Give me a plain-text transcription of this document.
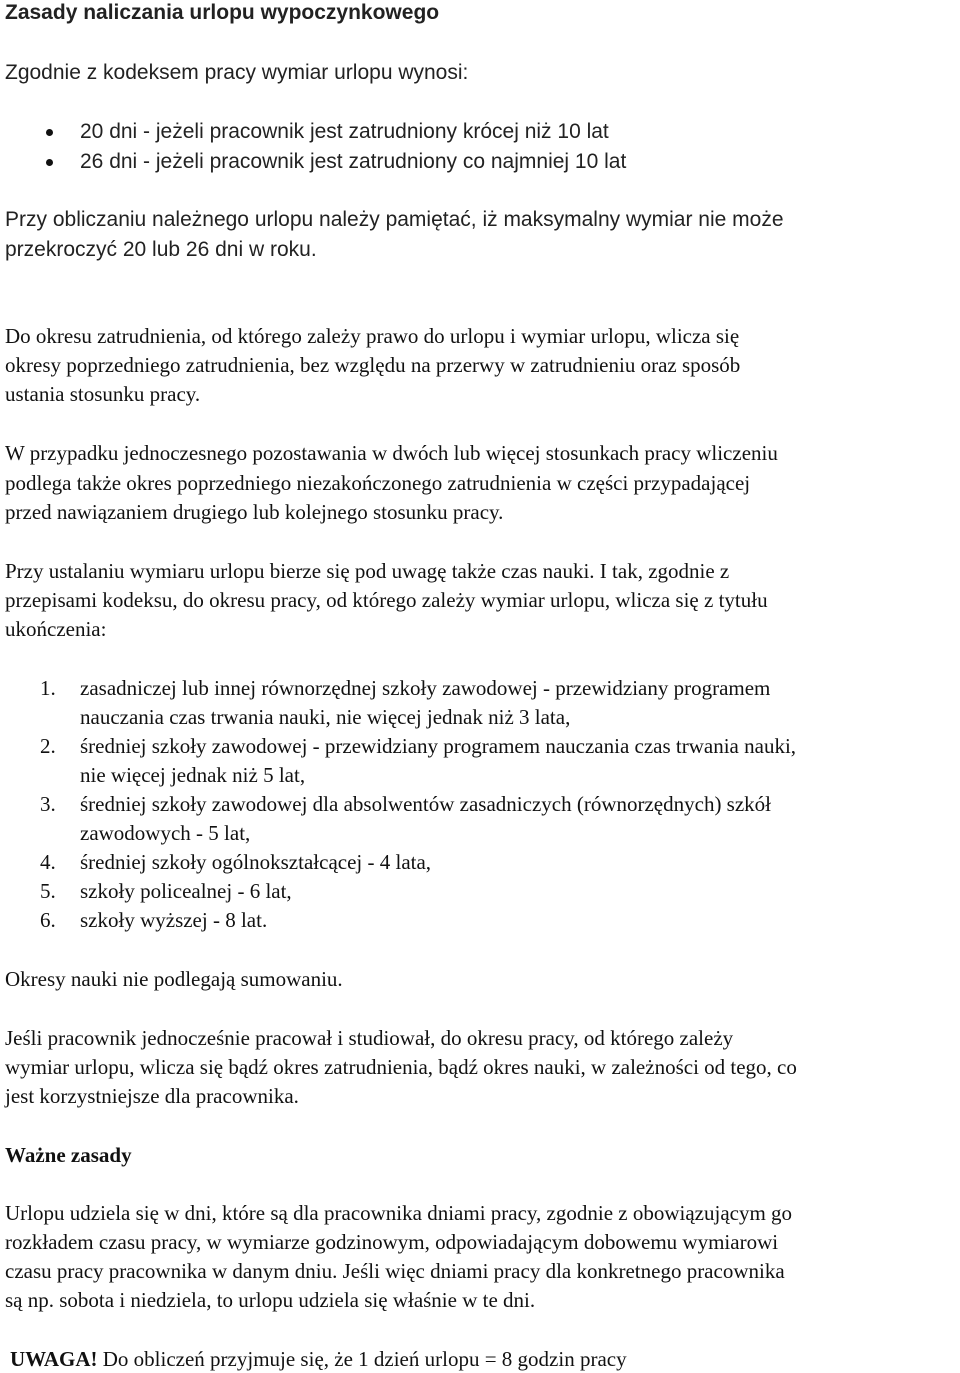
Zasady naliczania urlopu wypoczynkowego
Zgodnie z kodeksem pracy wymiar urlopu wynosi:
20 dni - jeżeli pracownik jest zatrudniony krócej niż 10 lat
26 dni - jeżeli pracownik jest zatrudniony co najmniej 10 lat
Przy obliczaniu należnego urlopu należy pamiętać, iż maksymalny wymiar nie może
przekroczyć 20 lub 26 dni w roku.
Do okresu zatrudnienia, od którego zależy prawo do urlopu i wymiar urlopu, wlicza się
okresy poprzedniego zatrudnienia, bez względu na przerwy w zatrudnieniu oraz sposób
ustania stosunku pracy.
W przypadku jednoczesnego pozostawania w dwóch lub więcej stosunkach pracy wliczeniu
podlega także okres poprzedniego niezakończonego zatrudnienia w części przypadającej
przed nawiązaniem drugiego lub kolejnego stosunku pracy.
Przy ustalaniu wymiaru urlopu bierze się pod uwagę także czas nauki. I tak, zgodnie z
przepisami kodeksu, do okresu pracy, od którego zależy wymiar urlopu, wlicza się z tytułu
ukończenia:
1. zasadniczej lub innej równorzędnej szkoły zawodowej - przewidziany programem
nauczania czas trwania nauki, nie więcej jednak niż 3 lata,
2. średniej szkoły zawodowej - przewidziany programem nauczania czas trwania nauki,
nie więcej jednak niż 5 lat,
3. średniej szkoły zawodowej dla absolwentów zasadniczych (równorzędnych) szkół
zawodowych - 5 lat,
4. średniej szkoły ogólnokształcącej - 4 lata,
5. szkoły policealnej - 6 lat,
6. szkoły wyższej - 8 lat.
Okresy nauki nie podlegają sumowaniu.
Jeśli pracownik jednocześnie pracował i studiował, do okresu pracy, od którego zależy
wymiar urlopu, wlicza się bądź okres zatrudnienia, bądź okres nauki, w zależności od tego, co
jest korzystniejsze dla pracownika.
Ważne zasady
Urlopu udziela się w dni, które są dla pracownika dniami pracy, zgodnie z obowiązującym go
rozkładem czasu pracy, w wymiarze godzinowym, odpowiadającym dobowemu wymiarowi
czasu pracy pracownika w danym dniu. Jeśli więc dniami pracy dla konkretnego pracownika
są np. sobota i niedziela, to urlopu udziela się właśnie w te dni.
UWAGA! Do obliczeń przyjmuje się, że 1 dzień urlopu = 8 godzin pracy
